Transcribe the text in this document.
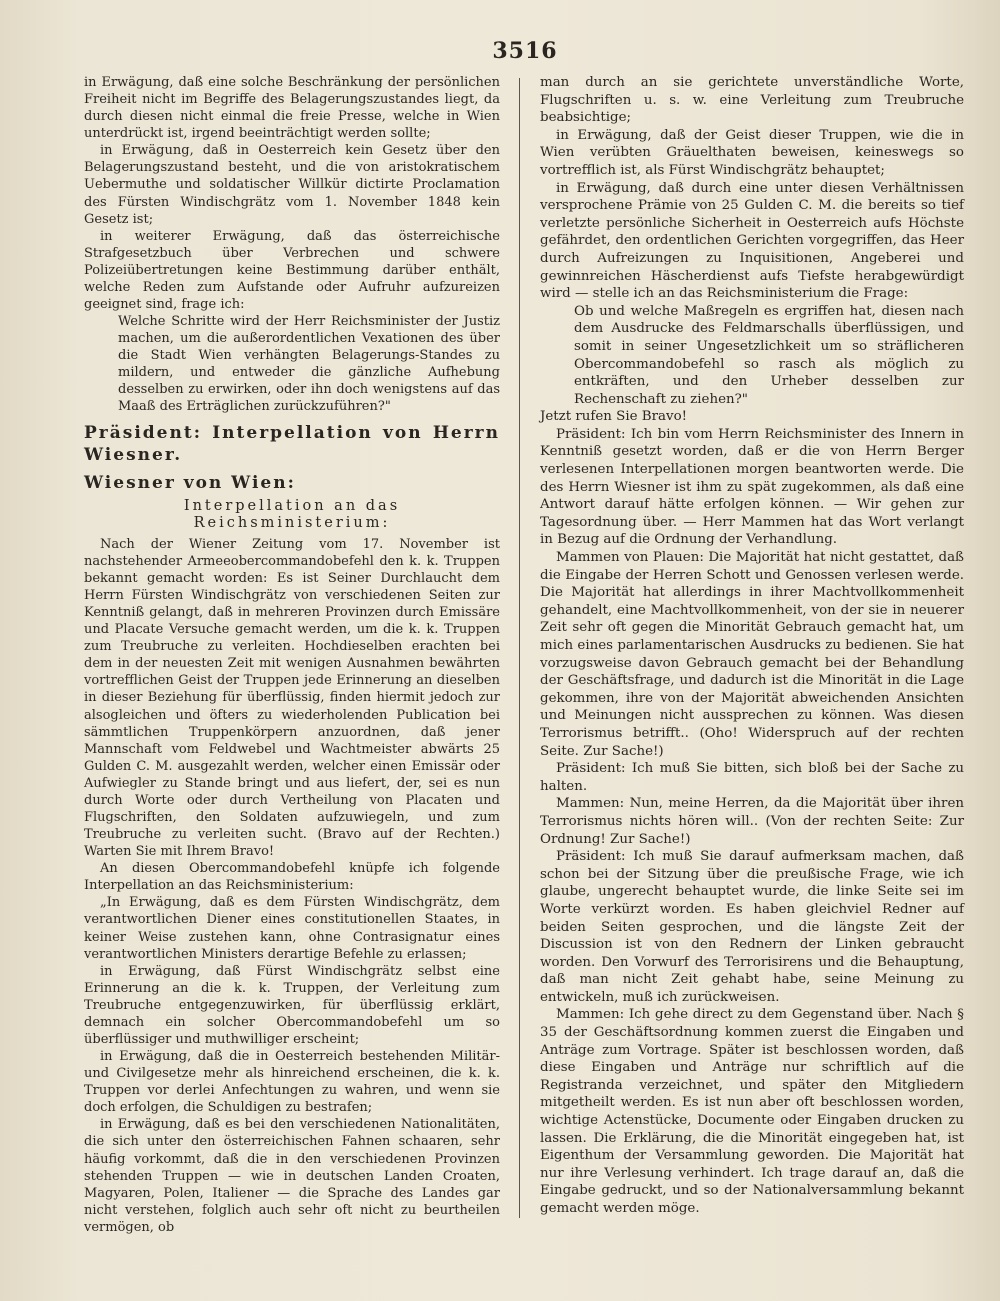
3516

in Erwägung, daß eine solche Beschränkung der persönlichen Freiheit nicht im Begriffe des Belagerungszustandes liegt, da durch diesen nicht einmal die freie Presse, welche in Wien unterdrückt ist, irgend beeinträchtigt werden sollte;

in Erwägung, daß in Oesterreich kein Gesetz über den Belagerungszustand besteht, und die von aristokratischem Uebermuthe und soldatischer Willkür dictirte Proclamation des Fürsten Windischgrätz vom 1. November 1848 kein Gesetz ist;

in weiterer Erwägung, daß das österreichische Strafgesetzbuch über Verbrechen und schwere Polizeiübertretungen keine Bestimmung darüber enthält, welche Reden zum Aufstande oder Aufruhr aufzureizen geeignet sind, frage ich:

Welche Schritte wird der Herr Reichsminister der Justiz machen, um die außerordentlichen Vexationen des über die Stadt Wien verhängten Belagerungs-Standes zu mildern, und entweder die gänzliche Aufhebung desselben zu erwirken, oder ihn doch wenigstens auf das Maaß des Erträglichen zurückzuführen?"

Präsident: Interpellation von Herrn Wiesner.

Wiesner von Wien:

Interpellation an das Reichsministerium:

Nach der Wiener Zeitung vom 17. November ist nachstehender Armeeobercommandobefehl den k. k. Truppen bekannt gemacht worden: Es ist Seiner Durchlaucht dem Herrn Fürsten Windischgrätz von verschiedenen Seiten zur Kenntniß gelangt, daß in mehreren Provinzen durch Emissäre und Placate Versuche gemacht werden, um die k. k. Truppen zum Treubruche zu verleiten. Hochdieselben erachten bei dem in der neuesten Zeit mit wenigen Ausnahmen bewährten vortrefflichen Geist der Truppen jede Erinnerung an dieselben in dieser Beziehung für überflüssig, finden hiermit jedoch zur alsogleichen und öfters zu wiederholenden Publication bei sämmtlichen Truppenkörpern anzuordnen, daß jener Mannschaft vom Feldwebel und Wachtmeister abwärts 25 Gulden C. M. ausgezahlt werden, welcher einen Emissär oder Aufwiegler zu Stande bringt und aus liefert, der, sei es nun durch Worte oder durch Vertheilung von Placaten und Flugschriften, den Soldaten aufzuwiegeln, und zum Treubruche zu verleiten sucht. (Bravo auf der Rechten.) Warten Sie mit Ihrem Bravo!

An diesen Obercommandobefehl knüpfe ich folgende Interpellation an das Reichsministerium:

„In Erwägung, daß es dem Fürsten Windischgrätz, dem verantwortlichen Diener eines constitutionellen Staates, in keiner Weise zustehen kann, ohne Contrasignatur eines verantwortlichen Ministers derartige Befehle zu erlassen;

in Erwägung, daß Fürst Windischgrätz selbst eine Erinnerung an die k. k. Truppen, der Verleitung zum Treubruche entgegenzuwirken, für überflüssig erklärt, demnach ein solcher Obercommandobefehl um so überflüssiger und muthwilliger erscheint;

in Erwägung, daß die in Oesterreich bestehenden Militär- und Civilgesetze mehr als hinreichend erscheinen, die k. k. Truppen vor derlei Anfechtungen zu wahren, und wenn sie doch erfolgen, die Schuldigen zu bestrafen;

in Erwägung, daß es bei den verschiedenen Nationalitäten, die sich unter den österreichischen Fahnen schaaren, sehr häufig vorkommt, daß die in den verschiedenen Provinzen stehenden Truppen — wie in deutschen Landen Croaten, Magyaren, Polen, Italiener — die Sprache des Landes gar nicht verstehen, folglich auch sehr oft nicht zu beurtheilen vermögen, ob

man durch an sie gerichtete unverständliche Worte, Flugschriften u. s. w. eine Verleitung zum Treubruche beabsichtige;

in Erwägung, daß der Geist dieser Truppen, wie die in Wien verübten Gräuelthaten beweisen, keineswegs so vortrefflich ist, als Fürst Windischgrätz behauptet;

in Erwägung, daß durch eine unter diesen Verhältnissen versprochene Prämie von 25 Gulden C. M. die bereits so tief verletzte persönliche Sicherheit in Oesterreich aufs Höchste gefährdet, den ordentlichen Gerichten vorgegriffen, das Heer durch Aufreizungen zu Inquisitionen, Angeberei und gewinnreichen Häscherdienst aufs Tiefste herabgewürdigt wird — stelle ich an das Reichsministerium die Frage:

Ob und welche Maßregeln es ergriffen hat, diesen nach dem Ausdrucke des Feldmarschalls überflüssigen, und somit in seiner Ungesetzlichkeit um so sträflicheren Obercommandobefehl so rasch als möglich zu entkräften, und den Urheber desselben zur Rechenschaft zu ziehen?"

Jetzt rufen Sie Bravo!

Präsident: Ich bin vom Herrn Reichsminister des Innern in Kenntniß gesetzt worden, daß er die von Herrn Berger verlesenen Interpellationen morgen beantworten werde. Die des Herrn Wiesner ist ihm zu spät zugekommen, als daß eine Antwort darauf hätte erfolgen können. — Wir gehen zur Tagesordnung über. — Herr Mammen hat das Wort verlangt in Bezug auf die Ordnung der Verhandlung.

Mammen von Plauen: Die Majorität hat nicht gestattet, daß die Eingabe der Herren Schott und Genossen verlesen werde. Die Majorität hat allerdings in ihrer Machtvollkommenheit gehandelt, eine Machtvollkommenheit, von der sie in neuerer Zeit sehr oft gegen die Minorität Gebrauch gemacht hat, um mich eines parlamentarischen Ausdrucks zu bedienen. Sie hat vorzugsweise davon Gebrauch gemacht bei der Behandlung der Geschäftsfrage, und dadurch ist die Minorität in die Lage gekommen, ihre von der Majorität abweichenden Ansichten und Meinungen nicht aussprechen zu können. Was diesen Terrorismus betrifft.. (Oho! Widerspruch auf der rechten Seite. Zur Sache!)

Präsident: Ich muß Sie bitten, sich bloß bei der Sache zu halten.

Mammen: Nun, meine Herren, da die Majorität über ihren Terrorismus nichts hören will.. (Von der rechten Seite: Zur Ordnung! Zur Sache!)

Präsident: Ich muß Sie darauf aufmerksam machen, daß schon bei der Sitzung über die preußische Frage, wie ich glaube, ungerecht behauptet wurde, die linke Seite sei im Worte verkürzt worden. Es haben gleichviel Redner auf beiden Seiten gesprochen, und die längste Zeit der Discussion ist von den Rednern der Linken gebraucht worden. Den Vorwurf des Terrorisirens und die Behauptung, daß man nicht Zeit gehabt habe, seine Meinung zu entwickeln, muß ich zurückweisen.

Mammen: Ich gehe direct zu dem Gegenstand über. Nach § 35 der Geschäftsordnung kommen zuerst die Eingaben und Anträge zum Vortrage. Später ist beschlossen worden, daß diese Eingaben und Anträge nur schriftlich auf die Registranda verzeichnet, und später den Mitgliedern mitgetheilt werden. Es ist nun aber oft beschlossen worden, wichtige Actenstücke, Documente oder Eingaben drucken zu lassen. Die Erklärung, die die Minorität eingegeben hat, ist Eigenthum der Versammlung geworden. Die Majorität hat nur ihre Verlesung verhindert. Ich trage darauf an, daß die Eingabe gedruckt, und so der Nationalversammlung bekannt gemacht werden möge.
